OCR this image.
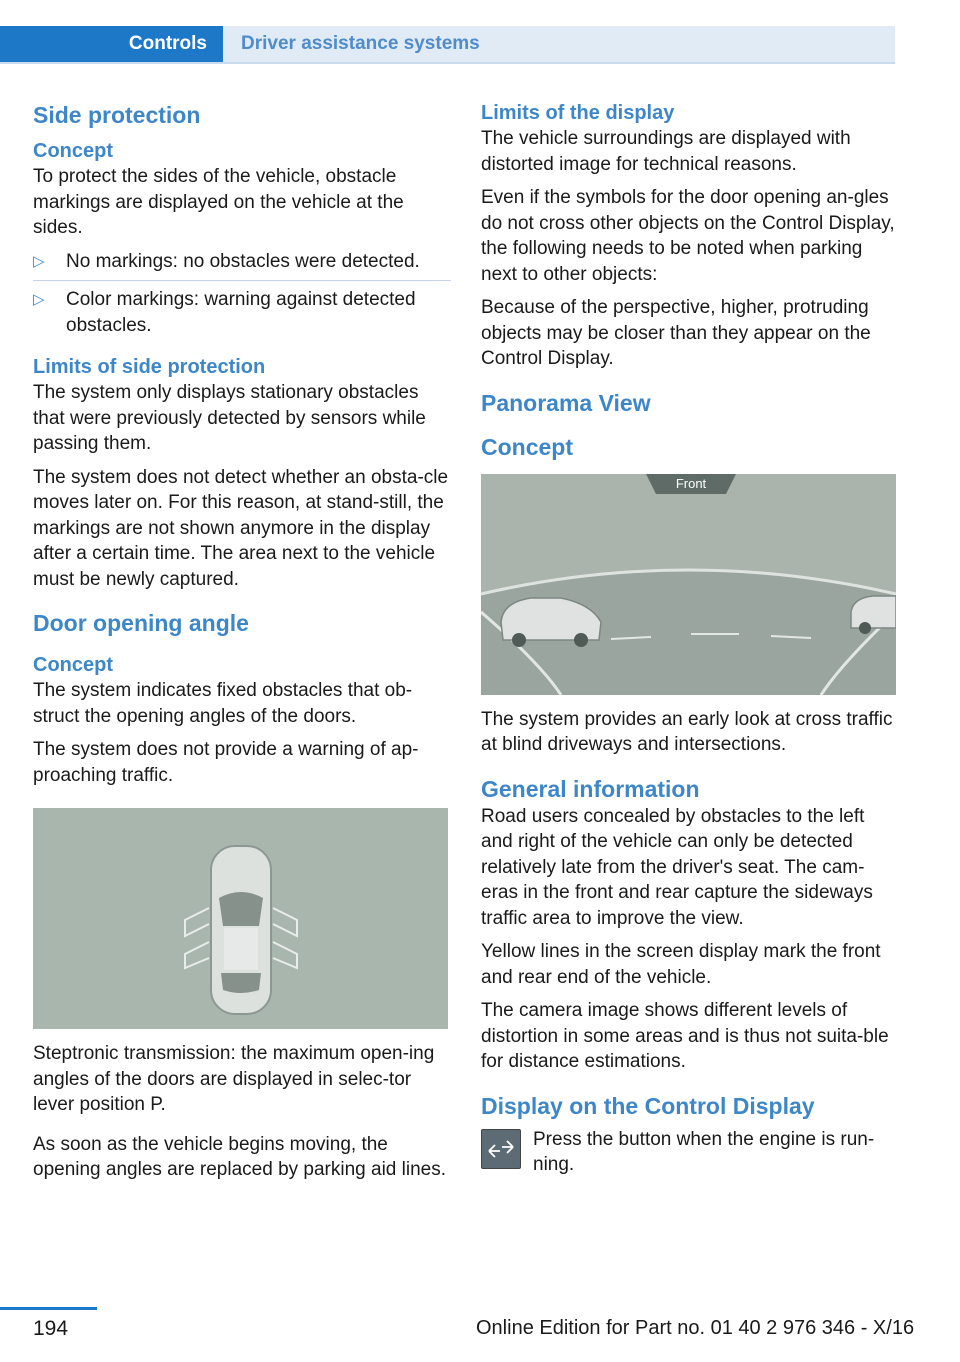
Controls Driver assistance systems
Side protection
Concept

To protect the sides of the vehicle, obstacle markings are displayed on the vehicle at the sides.

▷ No markings: no obstacles were detected.
▷ Color markings: warning against detected obstacles.
Limits of side protection

The system only displays stationary obstacles that were previously detected by sensors while passing them.

The system does not detect whether an obsta-cle moves later on. For this reason, at stand-still, the markings are not shown anymore in the display after a certain time. The area next to the vehicle must be newly captured.

Door opening angle
Concept

The system indicates fixed obstacles that ob-struct the opening angles of the doors.

The system does not provide a warning of ap-proaching traffic.

Steptronic transmission: the maximum open-ing angles of the doors are displayed in selec-tor lever position P.

As soon as the vehicle begins moving, the opening angles are replaced by parking aid lines.

Limits of the display

The vehicle surroundings are displayed with distorted image for technical reasons.

Even if the symbols for the door opening an-gles do not cross other objects on the Control Display, the following needs to be noted when parking next to other objects:

Because of the perspective, higher, protruding objects may be closer than they appear on the Control Display.

Panorama View
Concept
Front

The system provides an early look at cross traffic at blind driveways and intersections.

General information

Road users concealed by obstacles to the left and right of the vehicle can only be detected relatively late from the driver's seat. The cam-eras in the front and rear capture the sideways traffic area to improve the view.

Yellow lines in the screen display mark the front and rear end of the vehicle.

The camera image shows different levels of distortion in some areas and is thus not suita-ble for distance estimations.

Display on the Control Display

Press the button when the engine is run-ning.

194	Online Edition for Part no. 01 40 2 976 346 - X/16
